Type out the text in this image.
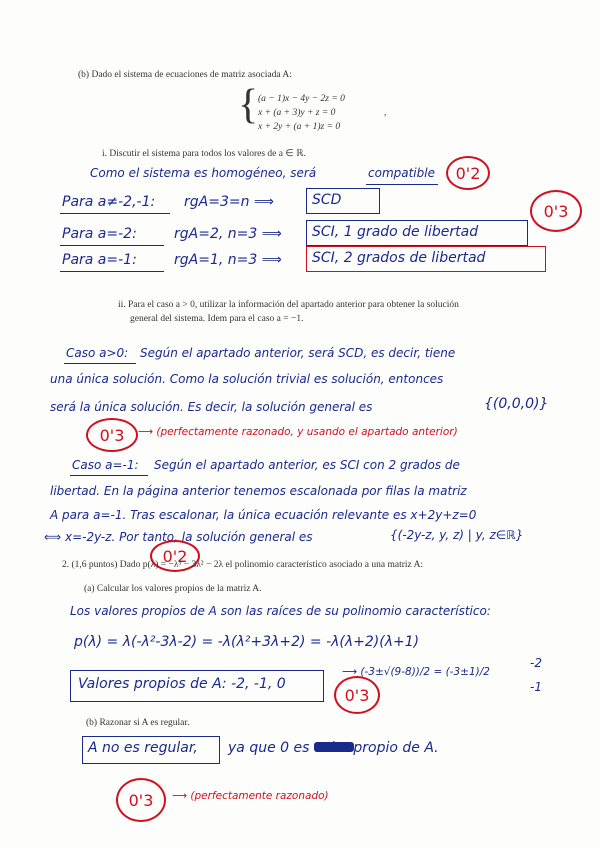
(b) Dado el sistema de ecuaciones de matriz asociada A:
{ (a − 1)x − 4y − 2z = 0
x + (a + 3)y + z = 0
x + 2y + (a + 1)z = 0
,
i. Discutir el sistema para todos los valores de a ∈ ℝ.
Como el sistema es homogéneo, será	compatible	0'2
Para a≠-2,-1: rgA=3=n ⟹	SCD
Para a=-2:	rgA=2, n=3 ⟹ SCI, 1 grado de libertad
Para a=-1:	rgA=1, n=3 ⟹ SCI, 2 grados de libertad
0'3
ii. Para el caso a > 0, utilizar la información del apartado anterior para obtener la solución
general del sistema. Idem para el caso a = −1.
Caso a>0: Según el apartado anterior, será SCD, es decir, tiene
una única solución. Como la solución trivial es solución, entonces
será la única solución. Es decir, la solución general es	{(0,0,0)}
0'3	⟶ (perfectamente razonado, y usando el apartado anterior)
Caso a=-1: Según el apartado anterior, es SCI con 2 grados de
libertad. En la página anterior tenemos escalonada por filas la matriz
A para a=-1. Tras escalonar, la única ecuación relevante es x+2y+z=0
⟺ x=-2y-z. Por tanto, la solución general es	{(-2y-z, y, z) | y, z∈ℝ}
0'2
2. (1,6 puntos) Dado p(λ) = −λ³ − 3λ² − 2λ el polinomio característico asociado a una matriz A:
(a) Calcular los valores propios de la matriz A.
Los valores propios de A son las raíces de su polinomio característico:
p(λ) = λ(-λ²-3λ-2) = -λ(λ²+3λ+2) = -λ(λ+2)(λ+1)
⟶ (-3±√(9-8))/2 = (-3±1)/2
-2
-1
Valores propios de A: -2, -1, 0
0'3
(b) Razonar si A es regular.
A no es regular, ya que 0 es valor propio de A.
0'3	⟶ (perfectamente razonado)
